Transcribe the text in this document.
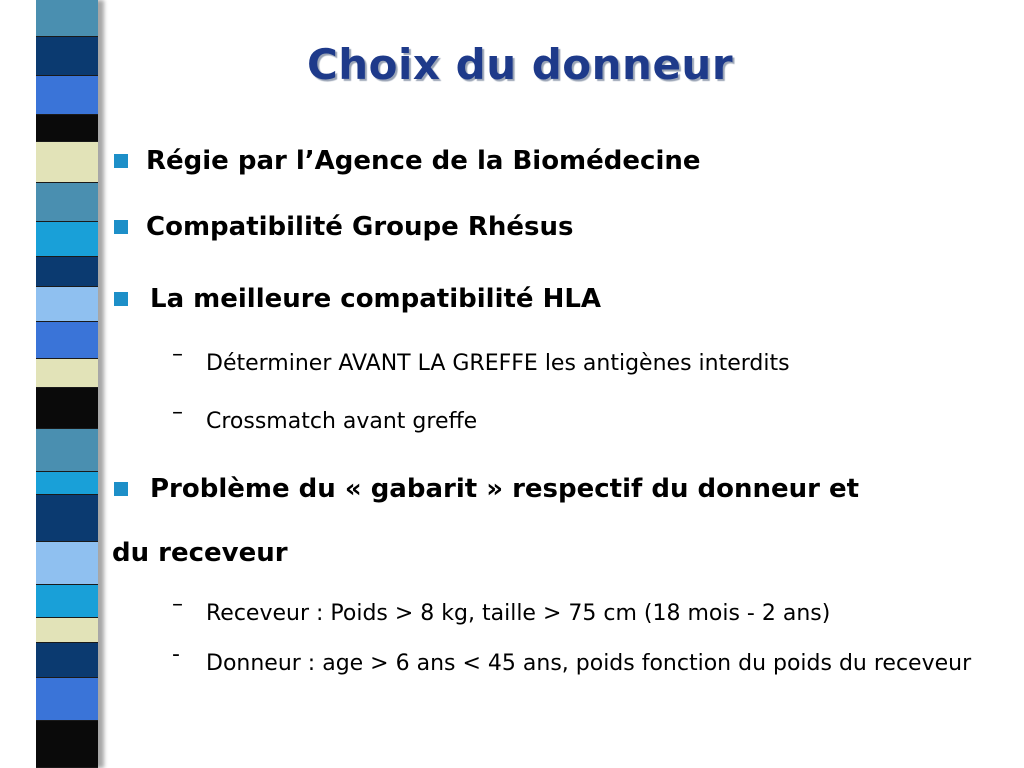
Choix du donneur
Régie par l’Agence de la Biomédecine
Compatibilité Groupe Rhésus
La meilleure compatibilité HLA
–	Déterminer AVANT LA GREFFE les antigènes interdits
–	Crossmatch avant greffe
Problème du « gabarit » respectif du donneur et
du receveur
–	Receveur : Poids > 8 kg, taille > 75 cm (18 mois - 2 ans)
-	Donneur : age > 6 ans < 45 ans, poids fonction du poids du receveur
